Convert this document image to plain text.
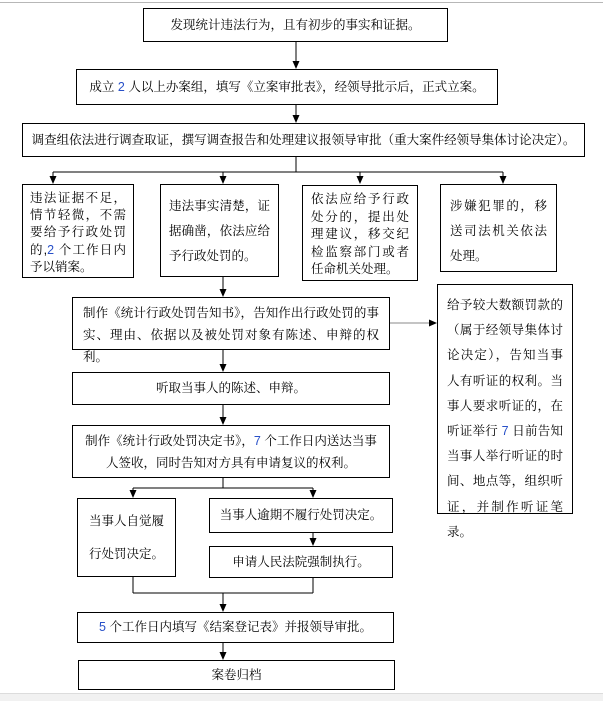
发现统计违法行为，且有初步的事实和证据。
成立 2 人以上办案组，填写《立案审批表》，经领导批示后，正式立案。
调查组依法进行调查取证，撰写调查报告和处理建议报领导审批（重大案件经领导集体讨论决定）。
违法证据不足，情节轻微，不需要给予行政处罚的,2 个工作日内予以销案。
违法事实清楚，证据确凿，依法应给予行政处罚的。
依法应给予行政处分的，提出处理建议，移交纪检监察部门或者任命机关处理。
涉嫌犯罪的，移送司法机关依法处理。
制作《统计行政处罚告知书》，告知作出行政处罚的事实、理由、依据以及被处罚对象有陈述、申辩的权利。
给予较大数额罚款的（属于经领导集体讨论决定），告知当事人有听证的权利。当事人要求听证的，在听证举行 7 日前告知当事人举行听证的时间、地点等，组织听证，并制作听证笔录。
听取当事人的陈述、申辩。
制作《统计行政处罚决定书》，7 个工作日内送达当事人签收，同时告知对方具有申请复议的权利。
当事人自觉履行处罚决定。
当事人逾期不履行处罚决定。
申请人民法院强制执行。
5 个工作日内填写《结案登记表》并报领导审批。
案卷归档
